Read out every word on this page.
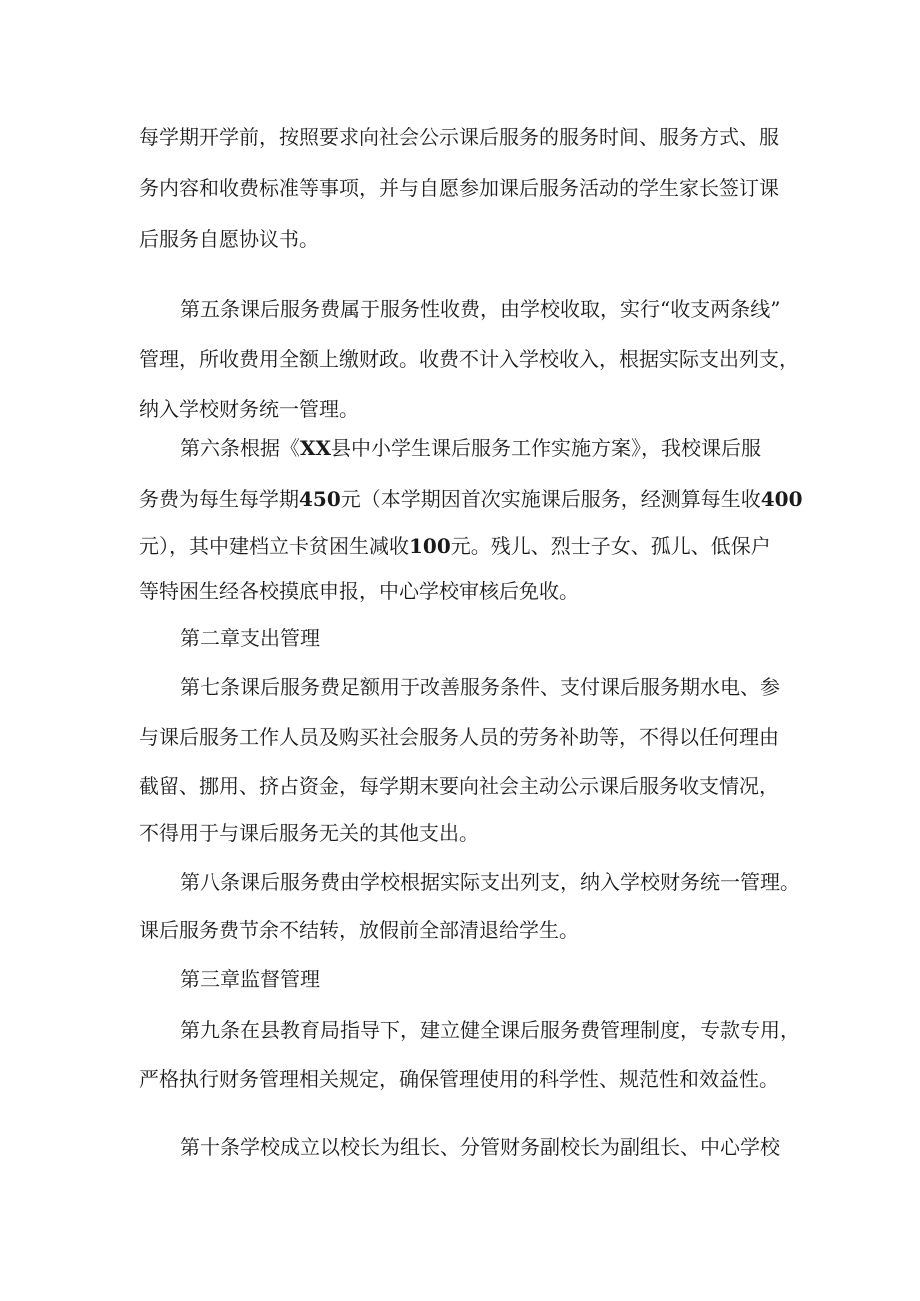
每学期开学前，按照要求向社会公示课后服务的服务时间、服务方式、服
务内容和收费标准等事项，并与自愿参加课后服务活动的学生家长签订课
后服务自愿协议书。
第五条课后服务费属于服务性收费，由学校收取，实行“收支两条线”
管理，所收费用全额上缴财政。收费不计入学校收入，根据实际支出列支，
纳入学校财务统一管理。
第六条根据《XX县中小学生课后服务工作实施方案》，我校课后服
务费为每生每学期450元（本学期因首次实施课后服务，经测算每生收400
元），其中建档立卡贫困生减收100元。残儿、烈士子女、孤儿、低保户
等特困生经各校摸底申报，中心学校审核后免收。
第二章支出管理
第七条课后服务费足额用于改善服务条件、支付课后服务期水电、参
与课后服务工作人员及购买社会服务人员的劳务补助等，不得以任何理由
截留、挪用、挤占资金，每学期末要向社会主动公示课后服务收支情况，
不得用于与课后服务无关的其他支出。
第八条课后服务费由学校根据实际支出列支，纳入学校财务统一管理。
课后服务费节余不结转，放假前全部清退给学生。
第三章监督管理
第九条在县教育局指导下，建立健全课后服务费管理制度，专款专用，
严格执行财务管理相关规定，确保管理使用的科学性、规范性和效益性。
第十条学校成立以校长为组长、分管财务副校长为副组长、中心学校
